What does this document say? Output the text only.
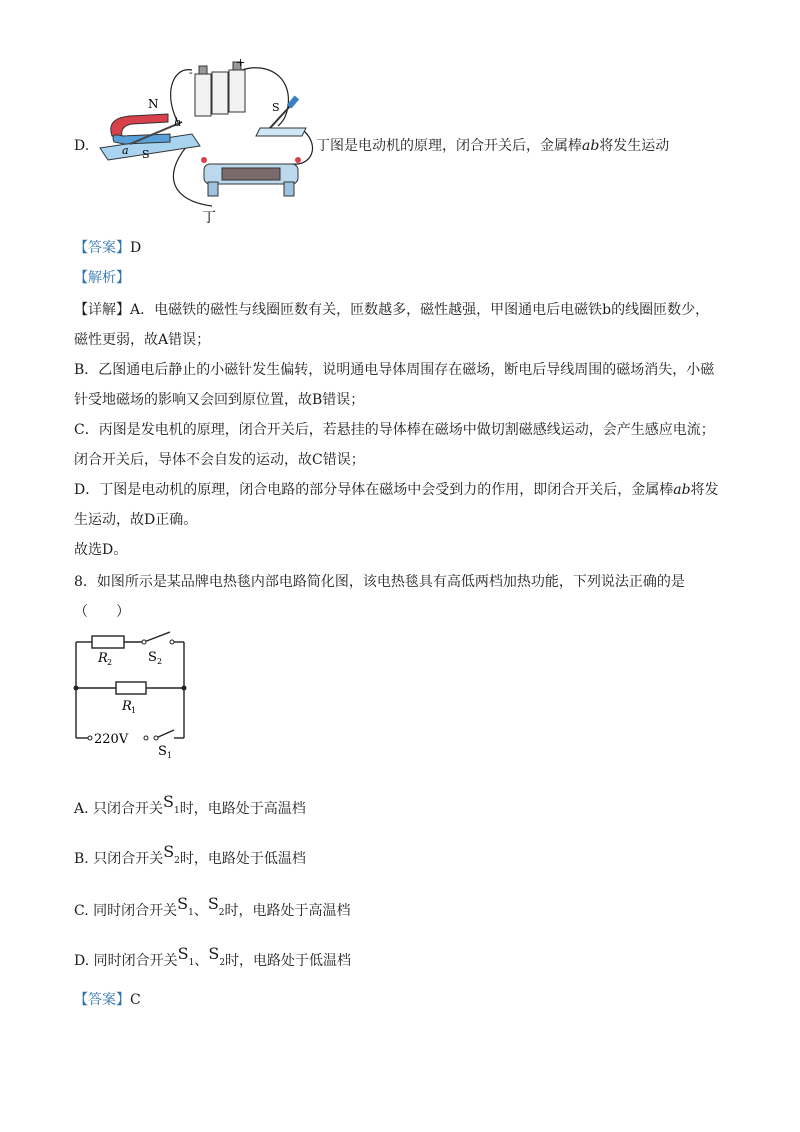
D.
-
+
S
N
S
a
b
丁
丁图是电动机的原理，闭合开关后，金属棒ab将发生运动
【答案】D
【解析】
【详解】A．电磁铁的磁性与线圈匝数有关，匝数越多，磁性越强，甲图通电后电磁铁b的线圈匝数少，
磁性更弱，故A错误；
B．乙图通电后静止的小磁针发生偏转，说明通电导体周围存在磁场，断电后导线周围的磁场消失，小磁
针受地磁场的影响又会回到原位置，故B错误；
C．丙图是发电机的原理，闭合开关后，若悬挂的导体棒在磁场中做切割磁感线运动，会产生感应电流；
闭合开关后，导体不会自发的运动，故C错误；
D．丁图是电动机的原理，闭合电路的部分导体在磁场中会受到力的作用，即闭合开关后，金属棒ab将发
生运动，故D正确。
故选D。
8．如图所示是某品牌电热毯内部电路简化图，该电热毯具有高低两档加热功能，下列说法正确的是
（　　）
R 2	S 2
R 1
220V
S 1
A. 只闭合开关$S_1$时，电路处于高温档
B. 只闭合开关$S_2$时，电路处于低温档
C. 同时闭合开关$S_1$、$S_2$时，电路处于高温档
D. 同时闭合开关$S_1$、$S_2$时，电路处于低温档
【答案】C
